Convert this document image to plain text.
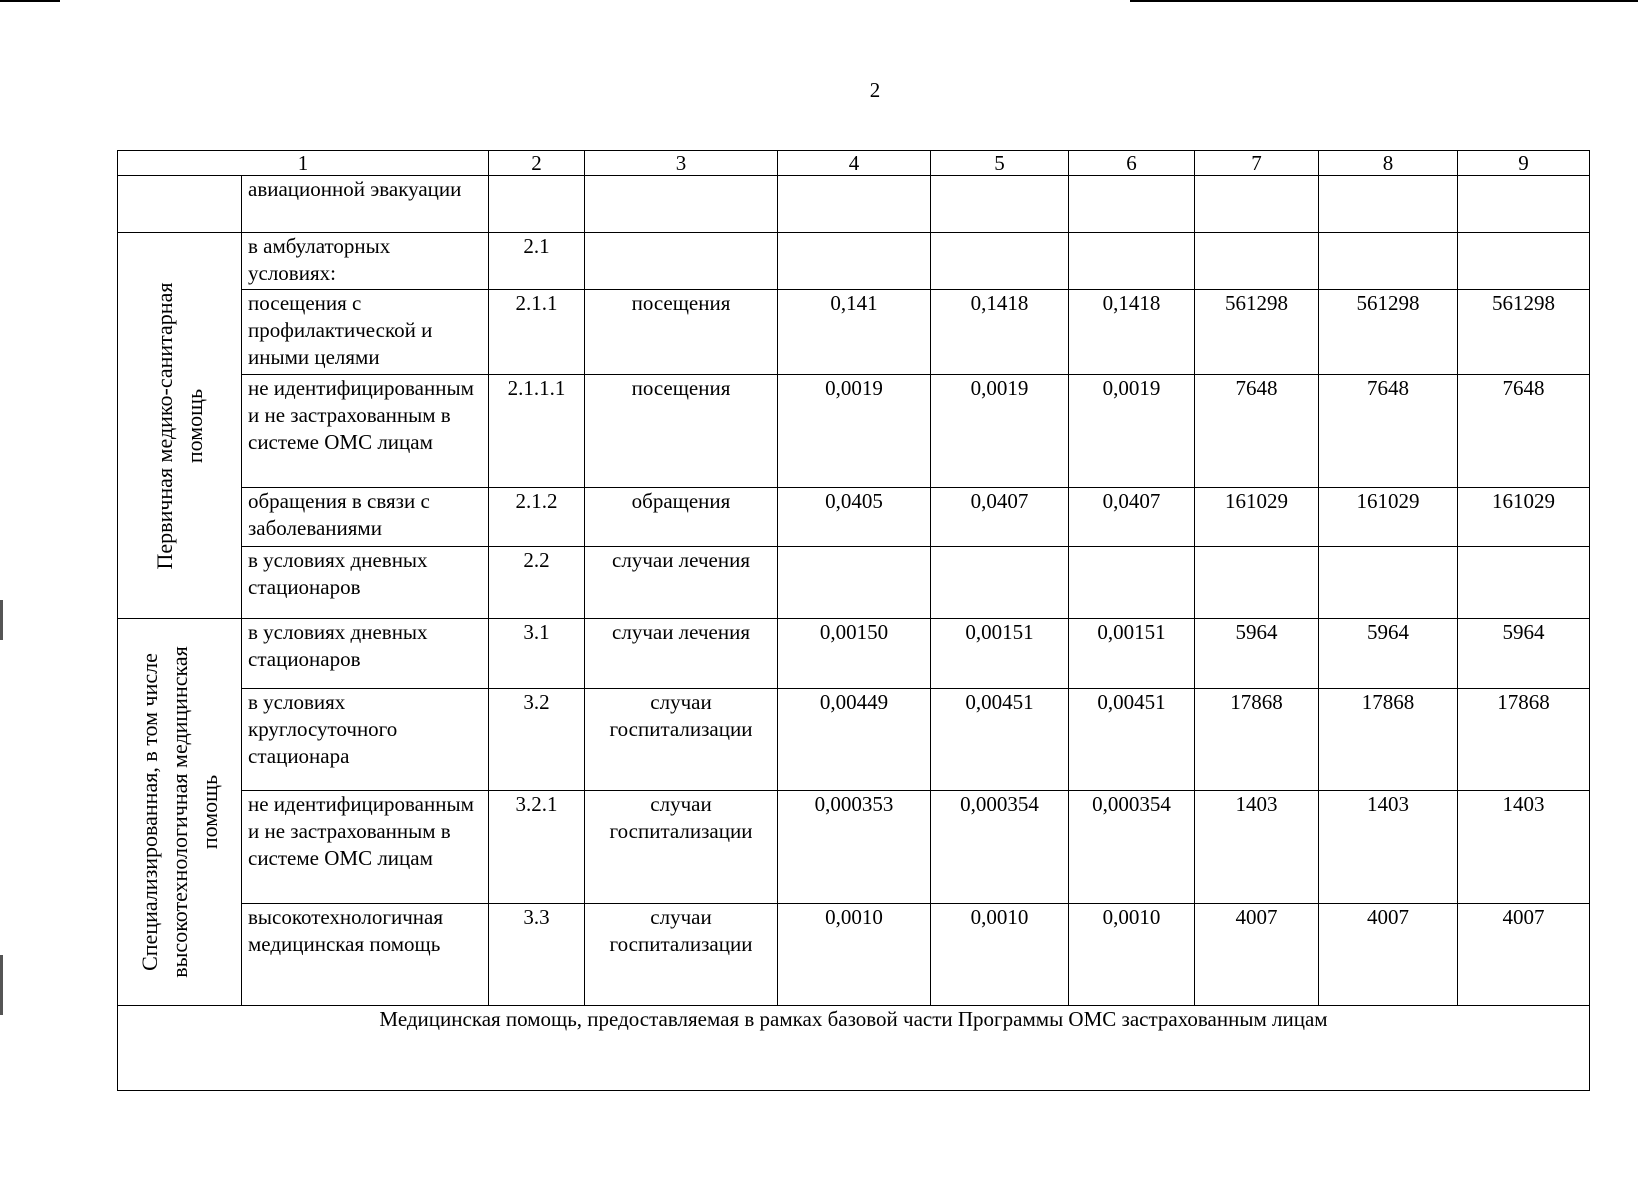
2
1		2	3	4	5	6	7	8	9
	авиационной эвакуации								

Первичная медико-санитарная помощь	в амбулаторных условиях:	2.1							
	посещения с профилактической и иными целями	2.1.1	посещения	0,141	0,1418	0,1418	561298	561298	561298
	не идентифицированным и не застрахованным в системе ОМС лицам	2.1.1.1	посещения	0,0019	0,0019	0,0019	7648	7648	7648
	обращения в связи с заболеваниями	2.1.2	обращения	0,0405	0,0407	0,0407	161029	161029	161029
	в условиях дневных стационаров	2.2	случаи лечения						

Специализированная, в том числе высокотехнологичная медицинская помощь	в условиях дневных стационаров	3.1	случаи лечения	0,00150	0,00151	0,00151	5964	5964	5964
	в условиях круглосуточного стационара	3.2	случаи госпитализации	0,00449	0,00451	0,00451	17868	17868	17868
	не идентифицированным и не застрахованным в системе ОМС лицам	3.2.1	случаи госпитализации	0,000353	0,000354	0,000354	1403	1403	1403
	высокотехнологичная медицинская помощь	3.3	случаи госпитализации	0,0010	0,0010	0,0010	4007	4007	4007
Медицинская помощь, предоставляемая в рамках базовой части Программы ОМС застрахованным лицам									
